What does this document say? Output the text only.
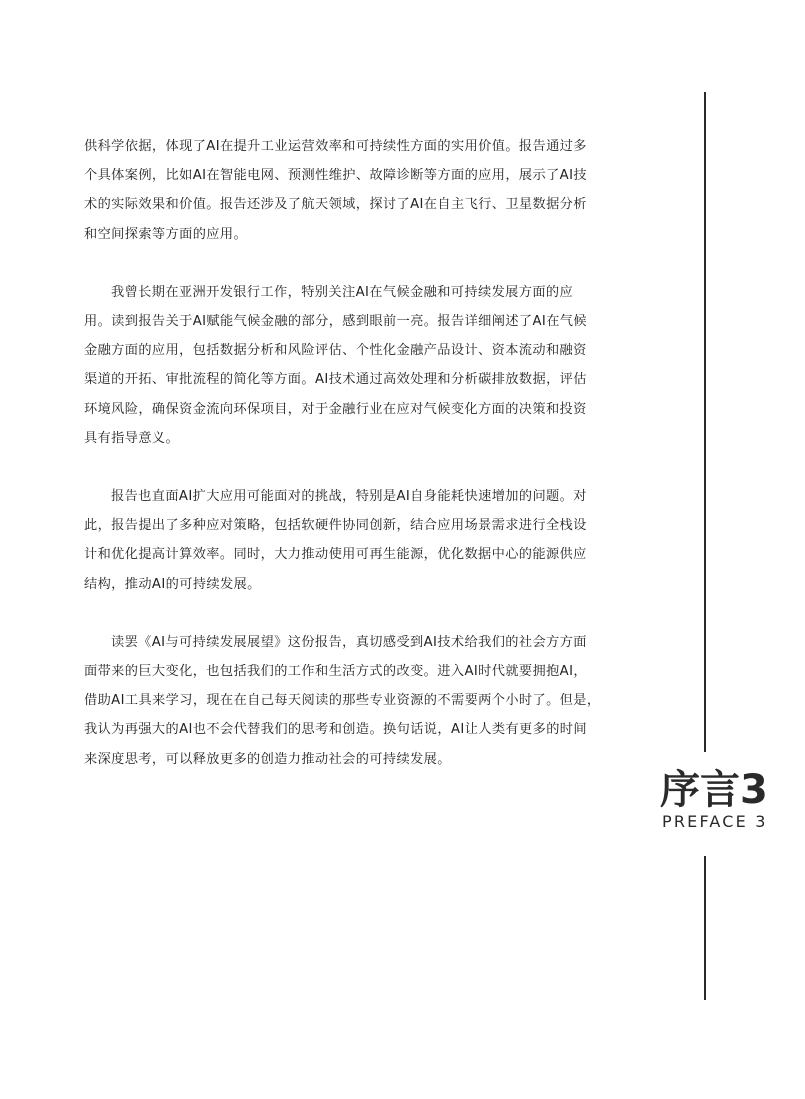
供科学依据，体现了AI在提升工业运营效率和可持续性方面的实用价值。报告通过多
个具体案例，比如AI在智能电网、预测性维护、故障诊断等方面的应用，展示了AI技
术的实际效果和价值。报告还涉及了航天领域，探讨了AI在自主飞行、卫星数据分析
和空间探索等方面的应用。

我曾长期在亚洲开发银行工作，特别关注AI在气候金融和可持续发展方面的应
用。读到报告关于AI赋能气候金融的部分，感到眼前一亮。报告详细阐述了AI在气候
金融方面的应用，包括数据分析和风险评估、个性化金融产品设计、资本流动和融资
渠道的开拓、审批流程的简化等方面。AI技术通过高效处理和分析碳排放数据，评估
环境风险，确保资金流向环保项目，对于金融行业在应对气候变化方面的决策和投资
具有指导意义。

报告也直面AI扩大应用可能面对的挑战，特别是AI自身能耗快速增加的问题。对
此，报告提出了多种应对策略，包括软硬件协同创新，结合应用场景需求进行全栈设
计和优化提高计算效率。同时，大力推动使用可再生能源，优化数据中心的能源供应
结构，推动AI的可持续发展。

读罢《AI与可持续发展展望》这份报告，真切感受到AI技术给我们的社会方方面
面带来的巨大变化，也包括我们的工作和生活方式的改变。进入AI时代就要拥抱AI，
借助AI工具来学习，现在在自己每天阅读的那些专业资源的不需要两个小时了。但是，
我认为再强大的AI也不会代替我们的思考和创造。换句话说，AI让人类有更多的时间
来深度思考，可以释放更多的创造力推动社会的可持续发展。

序言3
PREFACE 3
